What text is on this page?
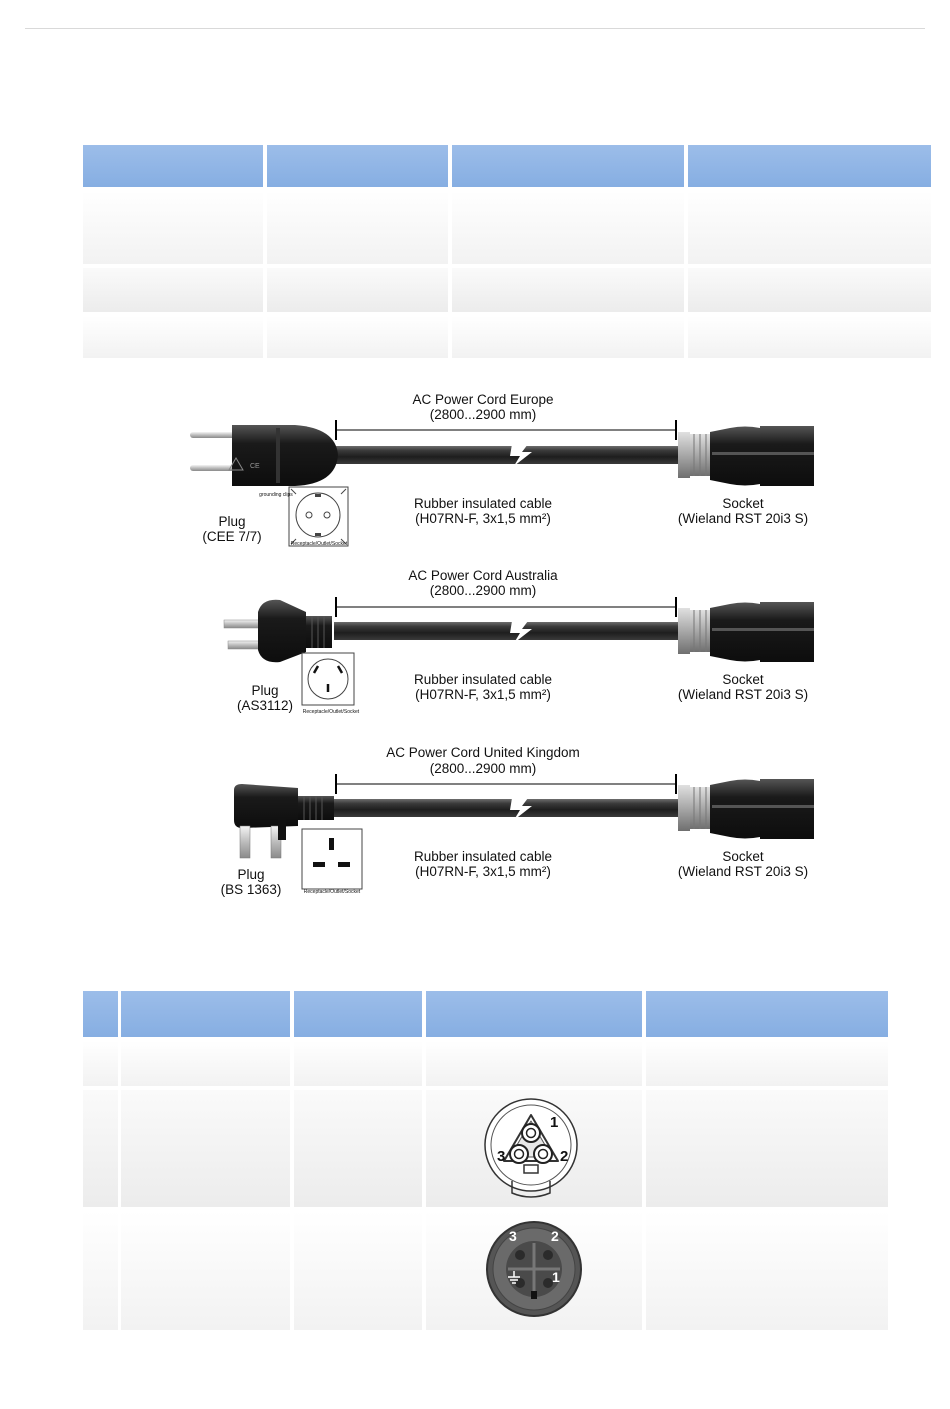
CE
AC Power Cord Europe
(2800...2900 mm)
Rubber insulated cable
(H07RN-F, 3x1,5 mm²)
Socket
(Wieland RST 20i3 S)
Plug
(CEE 7/7)
grounding clips
Receptacle/Outlet/Socket
AC Power Cord Australia
(2800...2900 mm)
Rubber insulated cable
(H07RN-F, 3x1,5 mm²)
Socket
(Wieland RST 20i3 S)
Plug
(AS3112)	Receptacle/Outlet/Socket
AC Power Cord United Kingdom
(2800...2900 mm)
Rubber insulated cable
(H07RN-F, 3x1,5 mm²)
Socket
(Wieland RST 20i3 S)
Plug
(BS 1363)	Receptacle/Outlet/Socket
1
2
3
3 2
1
